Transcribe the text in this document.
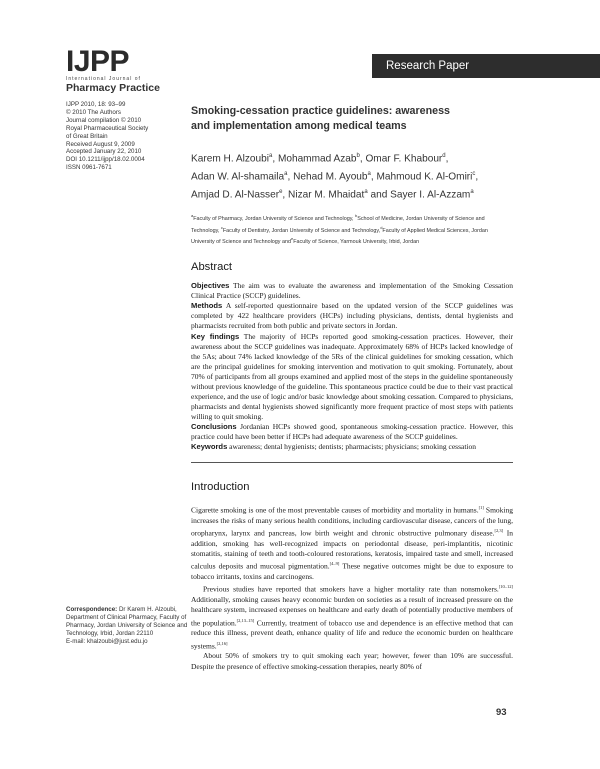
IJPP
International Journal of
Pharmacy Practice
Research Paper
IJPP 2010, 18: 93–99
© 2010 The Authors
Journal compilation © 2010
Royal Pharmaceutical Society
of Great Britain
Received August 9, 2009
Accepted January 22, 2010
DOI 10.1211/ijpp/18.02.0004
ISSN 0961-7671
Smoking-cessation practice guidelines: awareness
and implementation among medical teams
Karem H. Alzoubi$^a$, Mohammad Azab$^b$, Omar F. Khabour$^d$,
Adan W. Al-shamaila$^a$, Nehad M. Ayoub$^a$, Mahmoud K. Al-Omiri$^c$,
Amjad D. Al-Nasser$^e$, Nizar M. Mhaidat$^a$ and Sayer I. Al-Azzam$^a$
$^a$Faculty of Pharmacy, Jordan University of Science and Technology, $^b$School of Medicine, Jordan University of Science and Technology, $^c$Faculty of Dentistry, Jordan University of Science and Technology,$^d$Faculty of Applied Medical Sciences, Jordan University of Science and Technology and$^e$Faculty of Science, Yarmouk University, Irbid, Jordan
Abstract
Objectives The aim was to evaluate the awareness and implementation of the Smoking Cessation Clinical Practice (SCCP) guidelines.
Methods A self-reported questionnaire based on the updated version of the SCCP guidelines was completed by 422 healthcare providers (HCPs) including physicians, dentists, dental hygienists and pharmacists recruited from both public and private sectors in Jordan.
Key findings The majority of HCPs reported good smoking-cessation practices. However, their awareness about the SCCP guidelines was inadequate. Approximately 68% of HCPs lacked knowledge of the 5As; about 74% lacked knowledge of the 5Rs of the clinical guidelines for smoking cessation, which are the principal guidelines for smoking intervention and motivation to quit smoking. Fortunately, about 70% of participants from all groups examined and applied most of the steps in the guideline spontaneously without previous knowledge of the guideline. This spontaneous practice could be due to their vast practical experience, and the use of logic and/or basic knowledge about smoking cessation. Compared to physicians, pharmacists and dental hygienists showed significantly more frequent practice of most steps with patients willing to quit smoking.
Conclusions Jordanian HCPs showed good, spontaneous smoking-cessation practice. However, this practice could have been better if HCPs had adequate awareness of the SCCP guidelines.
Keywords awareness; dental hygienists; dentists; pharmacists; physicians; smoking cessation
Introduction

Cigarette smoking is one of the most preventable causes of morbidity and mortality in humans.[1] Smoking increases the risks of many serious health conditions, including cardiovascular disease, cancers of the lung, oropharynx, larynx and pancreas, low birth weight and chronic obstructive pulmonary disease.[2,3] In addition, smoking has well-recognized impacts on periodontal disease, peri-implantitis, nicotinic stomatitis, staining of teeth and tooth-coloured restorations, keratosis, impaired taste and smell, increased calculus deposits and mucosal pigmentation.[4–9] These negative outcomes might be due to exposure to tobacco irritants, toxins and carcinogens.

Previous studies have reported that smokers have a higher mortality rate than nonsmokers.[10–12] Additionally, smoking causes heavy economic burden on societies as a result of increased pressure on the healthcare system, increased expenses on healthcare and early death of potentially productive members of the population.[2,13–15] Currently, treatment of tobacco use and dependence is an effective method that can reduce this illness, prevent death, enhance quality of life and reduce the economic burden on healthcare systems.[2,16]

About 50% of smokers try to quit smoking each year; however, fewer than 10% are successful. Despite the presence of effective smoking-cessation therapies, nearly 80% of

Correspondence: Dr Karem H. Alzoubi, Department of Clinical Pharmacy, Faculty of Pharmacy, Jordan University of Science and Technology, Irbid, Jordan 22110
E-mail: khalzoubi@just.edu.jo
93
